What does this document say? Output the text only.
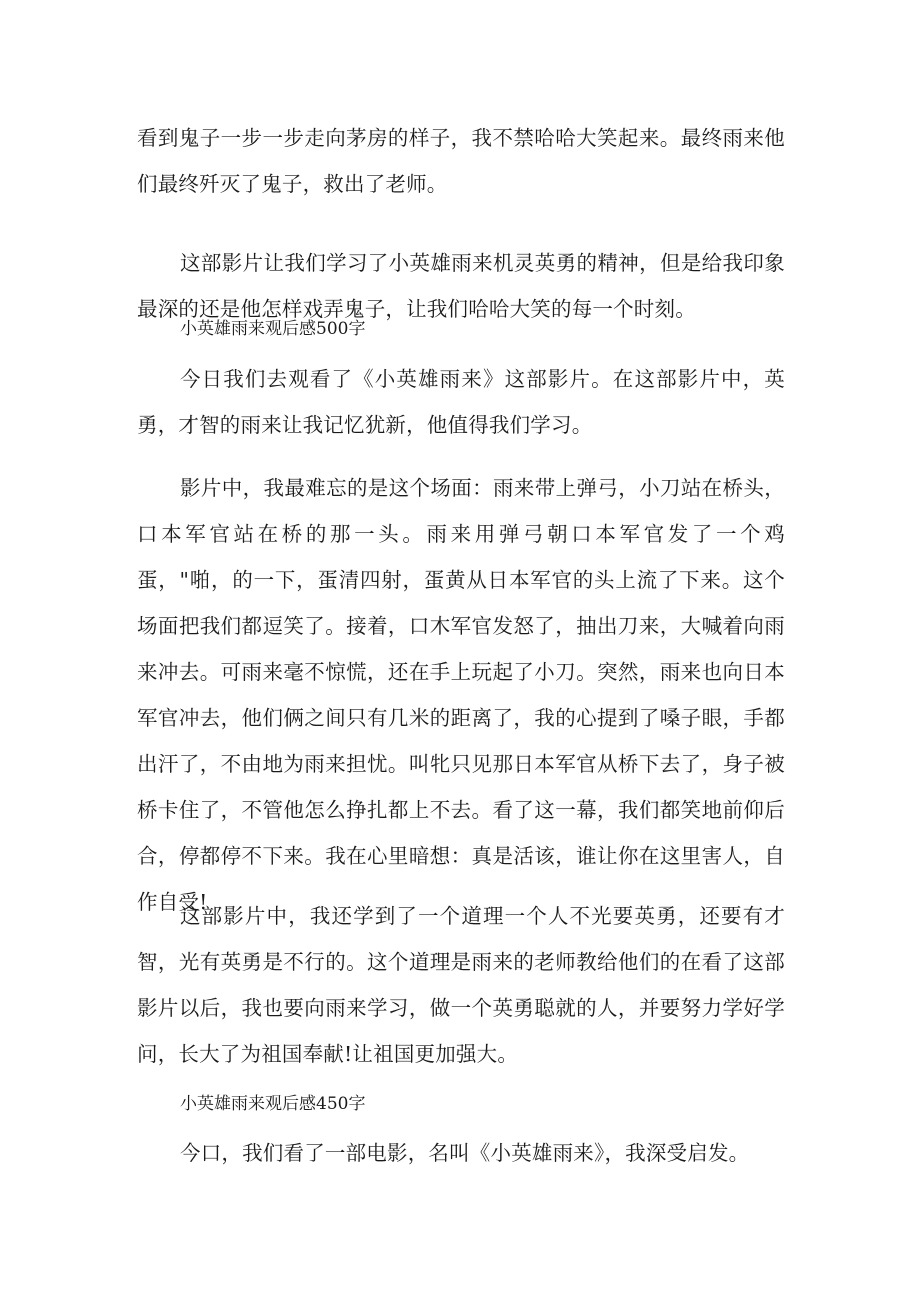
看到鬼子一步一步走向茅房的样子，我不禁哈哈大笑起来。最终雨来他们最终歼灭了鬼子，救出了老师。

这部影片让我们学习了小英雄雨来机灵英勇的精神，但是给我印象最深的还是他怎样戏弄鬼子，让我们哈哈大笑的每一个时刻。

小英雄雨来观后感500字

今日我们去观看了《小英雄雨来》这部影片。在这部影片中，英勇，才智的雨来让我记忆犹新，他值得我们学习。

影片中，我最难忘的是这个场面：雨来带上弹弓，小刀站在桥头，口本军官站在桥的那一头。雨来用弹弓朝口本军官发了一个鸡蛋，"啪，的一下，蛋清四射，蛋黄从日本军官的头上流了下来。这个场面把我们都逗笑了。接着，口木军官发怒了，抽出刀来，大喊着向雨来冲去。可雨来毫不惊慌，还在手上玩起了小刀。突然，雨来也向日本军官冲去，他们俩之间只有几米的距离了，我的心提到了嗓子眼，手都出汗了，不由地为雨来担忧。叫牝只见那日本军官从桥下去了，身子被桥卡住了，不管他怎么挣扎都上不去。看了这一幕，我们都笑地前仰后合，停都停不下来。我在心里暗想：真是活该，谁让你在这里害人，自作自受!

这部影片中，我还学到了一个道理一个人不光要英勇，还要有才智，光有英勇是不行的。这个道理是雨来的老师教给他们的在看了这部影片以后，我也要向雨来学习，做一个英勇聪就的人，并要努力学好学问，长大了为祖国奉献!让祖国更加强大。

小英雄雨来观后感450字

今口，我们看了一部电影，名叫《小英雄雨来》，我深受启发。
